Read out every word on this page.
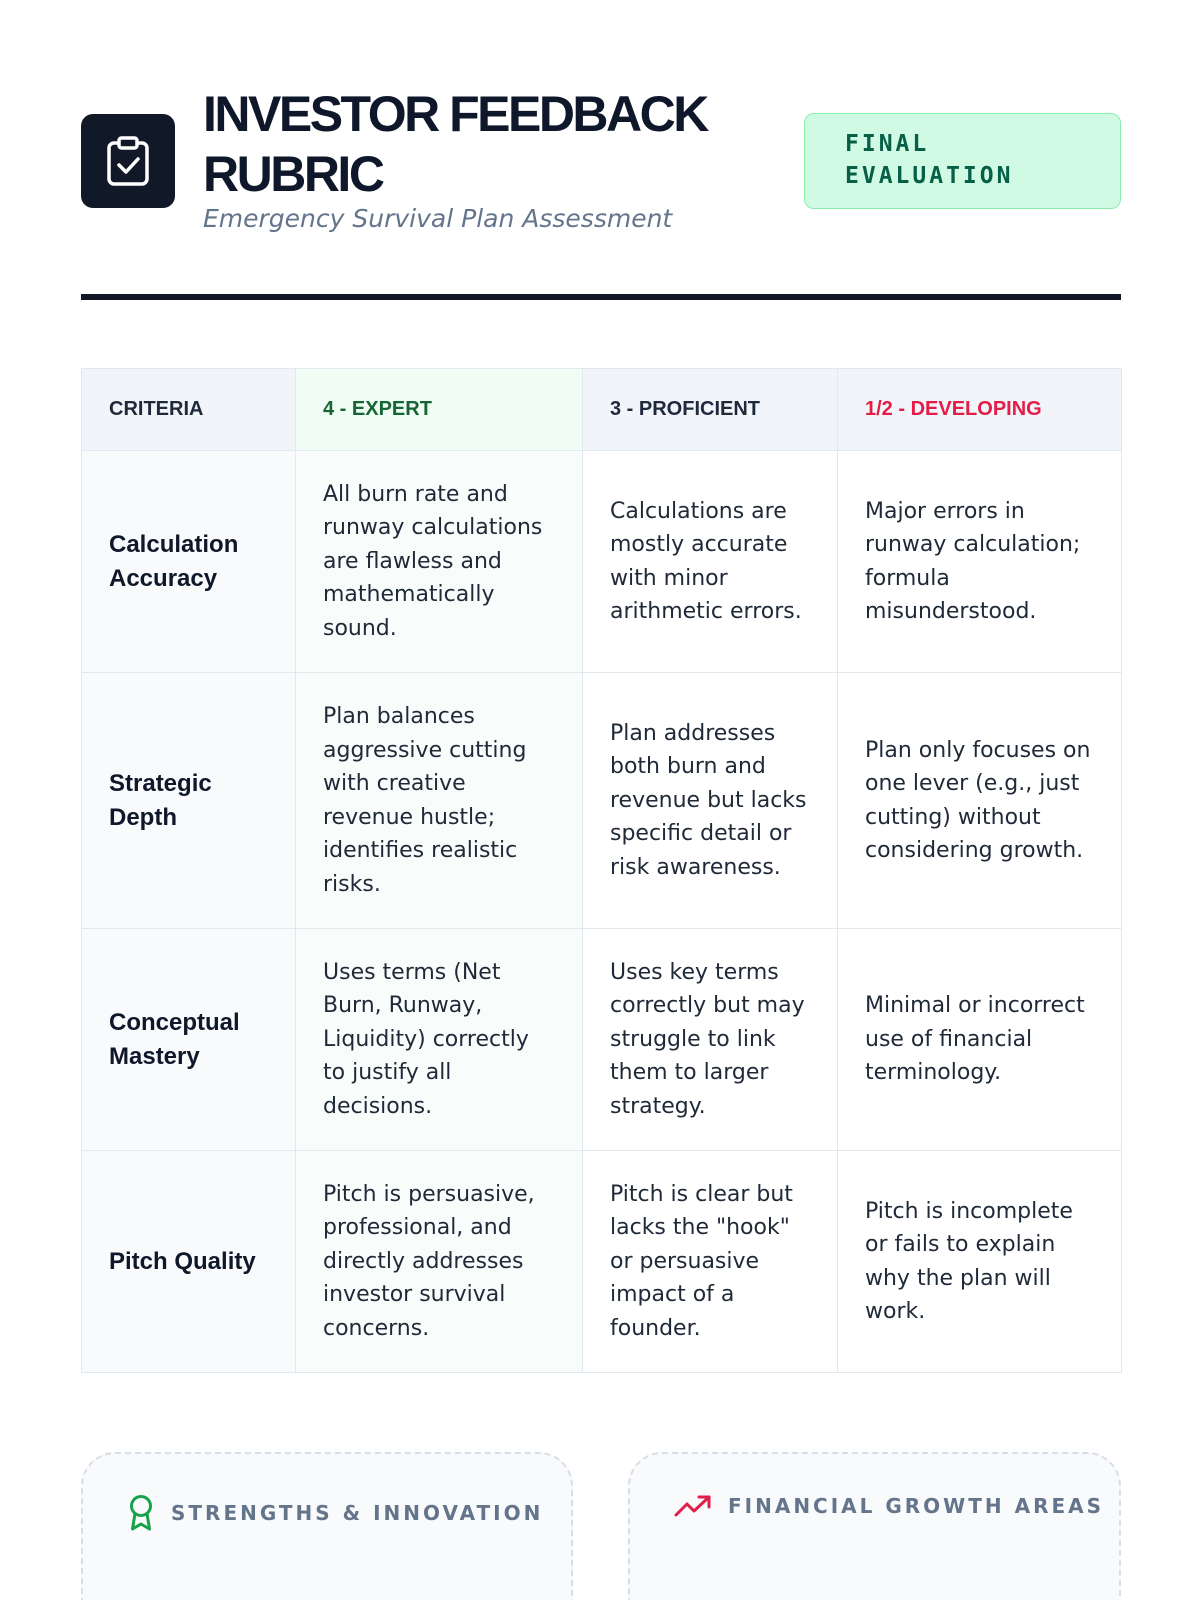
INVESTOR FEEDBACK RUBRIC
Emergency Survival Plan Assessment
FINAL EVALUATION
CRITERIA	4 - EXPERT	3 - PROFICIENT	1/2 - DEVELOPING
Calculation Accuracy	All burn rate and runway calculations are flawless and mathematically sound.	Calculations are mostly accurate with minor arithmetic errors.	Major errors in runway calculation; formula misunderstood.
Strategic Depth	Plan balances aggressive cutting with creative revenue hustle; identifies realistic risks.	Plan addresses both burn and revenue but lacks specific detail or risk awareness.	Plan only focuses on one lever (e.g., just cutting) without considering growth.
Conceptual Mastery	Uses terms (Net Burn, Runway, Liquidity) correctly to justify all decisions.	Uses key terms correctly but may struggle to link them to larger strategy.	Minimal or incorrect use of financial terminology.
Pitch Quality	Pitch is persuasive, professional, and directly addresses investor survival concerns.	Pitch is clear but lacks the "hook" or persuasive impact of a founder.	Pitch is incomplete or fails to explain why the plan will work.
STRENGTHS & INNOVATION	FINANCIAL GROWTH AREAS
